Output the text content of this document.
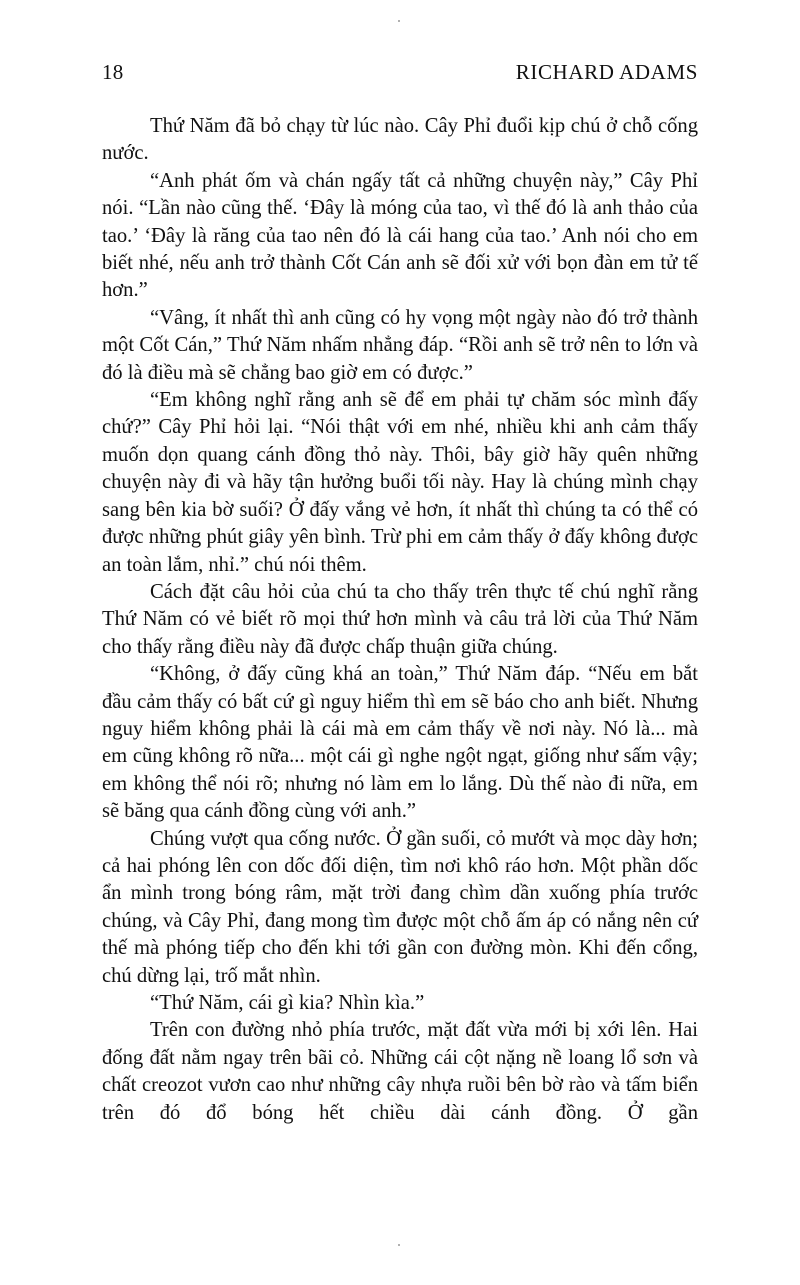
18	RICHARD ADAMS

Thứ Năm đã bỏ chạy từ lúc nào. Cây Phỉ đuổi kịp chú ở chỗ cống nước.

“Anh phát ốm và chán ngấy tất cả những chuyện này,” Cây Phỉ nói. “Lần nào cũng thế. ‘Đây là móng của tao, vì thế đó là anh thảo của tao.’ ‘Đây là răng của tao nên đó là cái hang của tao.’ Anh nói cho em biết nhé, nếu anh trở thành Cốt Cán anh sẽ đối xử với bọn đàn em tử tế hơn.”

“Vâng, ít nhất thì anh cũng có hy vọng một ngày nào đó trở thành một Cốt Cán,” Thứ Năm nhấm nhẳng đáp. “Rồi anh sẽ trở nên to lớn và đó là điều mà sẽ chẳng bao giờ em có được.”

“Em không nghĩ rằng anh sẽ để em phải tự chăm sóc mình đấy chứ?” Cây Phỉ hỏi lại. “Nói thật với em nhé, nhiều khi anh cảm thấy muốn dọn quang cánh đồng thỏ này. Thôi, bây giờ hãy quên những chuyện này đi và hãy tận hưởng buổi tối này. Hay là chúng mình chạy sang bên kia bờ suối? Ở đấy vắng vẻ hơn, ít nhất thì chúng ta có thể có được những phút giây yên bình. Trừ phi em cảm thấy ở đấy không được an toàn lắm, nhỉ.” chú nói thêm.

Cách đặt câu hỏi của chú ta cho thấy trên thực tế chú nghĩ rằng Thứ Năm có vẻ biết rõ mọi thứ hơn mình và câu trả lời của Thứ Năm cho thấy rằng điều này đã được chấp thuận giữa chúng.

“Không, ở đấy cũng khá an toàn,” Thứ Năm đáp. “Nếu em bắt đầu cảm thấy có bất cứ gì nguy hiểm thì em sẽ báo cho anh biết. Nhưng nguy hiểm không phải là cái mà em cảm thấy về nơi này. Nó là... mà em cũng không rõ nữa... một cái gì nghe ngột ngạt, giống như sấm vậy; em không thể nói rõ; nhưng nó làm em lo lắng. Dù thế nào đi nữa, em sẽ băng qua cánh đồng cùng với anh.”

Chúng vượt qua cống nước. Ở gần suối, cỏ mướt và mọc dày hơn; cả hai phóng lên con dốc đối diện, tìm nơi khô ráo hơn. Một phần dốc ẩn mình trong bóng râm, mặt trời đang chìm dần xuống phía trước chúng, và Cây Phỉ, đang mong tìm được một chỗ ấm áp có nắng nên cứ thế mà phóng tiếp cho đến khi tới gần con đường mòn. Khi đến cổng, chú dừng lại, trố mắt nhìn.

“Thứ Năm, cái gì kia? Nhìn kìa.”

Trên con đường nhỏ phía trước, mặt đất vừa mới bị xới lên. Hai đống đất nằm ngay trên bãi cỏ. Những cái cột nặng nề loang lổ sơn và chất creozot vươn cao như những cây nhựa ruồi bên bờ rào và tấm biển trên đó đổ bóng hết chiều dài cánh đồng. Ở gần
